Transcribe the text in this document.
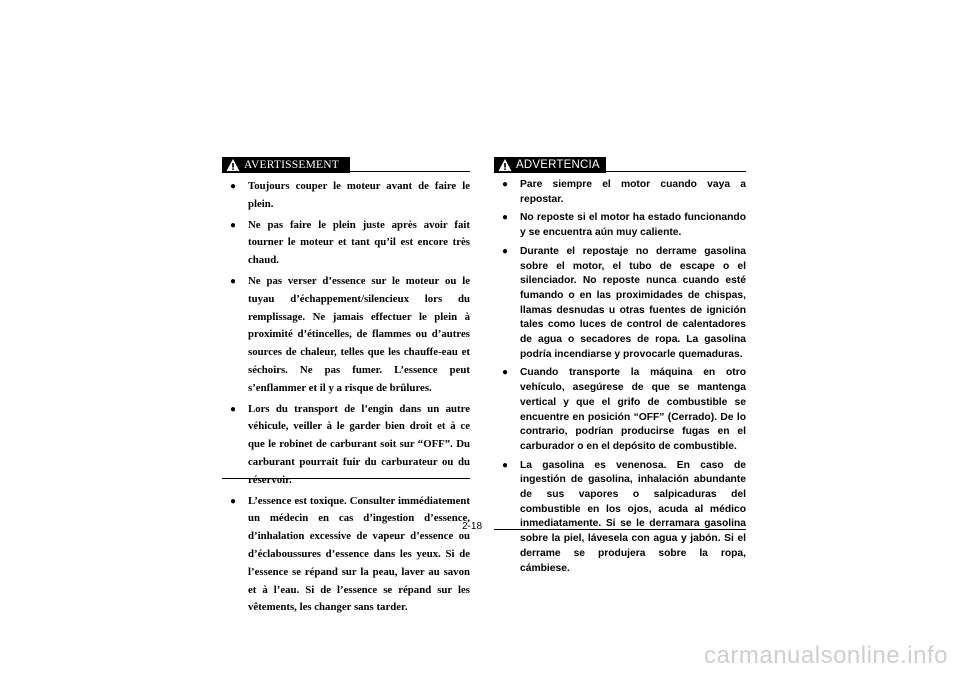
AVERTISSEMENT
● Toujours couper le moteur avant de faire le plein.
● Ne pas faire le plein juste après avoir fait tourner le moteur et tant qu’il est encore très chaud.
● Ne pas verser d’essence sur le moteur ou le tuyau d’échappement/silencieux lors du remplissage. Ne jamais effectuer le plein à proximité d’étincelles, de flammes ou d’autres sources de chaleur, telles que les chauffe-eau et séchoirs. Ne pas fumer. L’essence peut s’enflammer et il y a risque de brûlures.
● Lors du transport de l’engin dans un autre véhicule, veiller à le garder bien droit et à ce que le robinet de carburant soit sur “OFF”. Du carburant pourrait fuir du carburateur ou du réservoir.
● L’essence est toxique. Consulter immédiatement un médecin en cas d’ingestion d’essence, d’inhalation excessive de vapeur d’essence ou d’éclaboussures d’essence dans les yeux. Si de l’essence se répand sur la peau, laver au savon et à l’eau. Si de l’essence se répand sur les vêtements, les changer sans tarder.
ADVERTENCIA
● Pare siempre el motor cuando vaya a repostar.
● No reposte si el motor ha estado funcionando y se encuentra aún muy caliente.
● Durante el repostaje no derrame gasolina sobre el motor, el tubo de escape o el silenciador. No reposte nunca cuando esté fumando o en las proximidades de chispas, llamas desnudas u otras fuentes de ignición tales como luces de control de calentadores de agua o secadores de ropa. La gasolina podría incendiarse y provocarle quemaduras.
● Cuando transporte la máquina en otro vehículo, asegúrese de que se mantenga vertical y que el grifo de combustible se encuentre en posición “OFF” (Cerrado). De lo contrario, podrían producirse fugas en el carburador o en el depósito de combustible.
● La gasolina es venenosa. En caso de ingestión de gasolina, inhalación abundante de sus vapores o salpicaduras del combustible en los ojos, acuda al médico inmediatamente. Si se le derramara gasolina sobre la piel, lávesela con agua y jabón. Si el derrame se produjera sobre la ropa, cámbiese.
2-18
carmanualsonline.info
